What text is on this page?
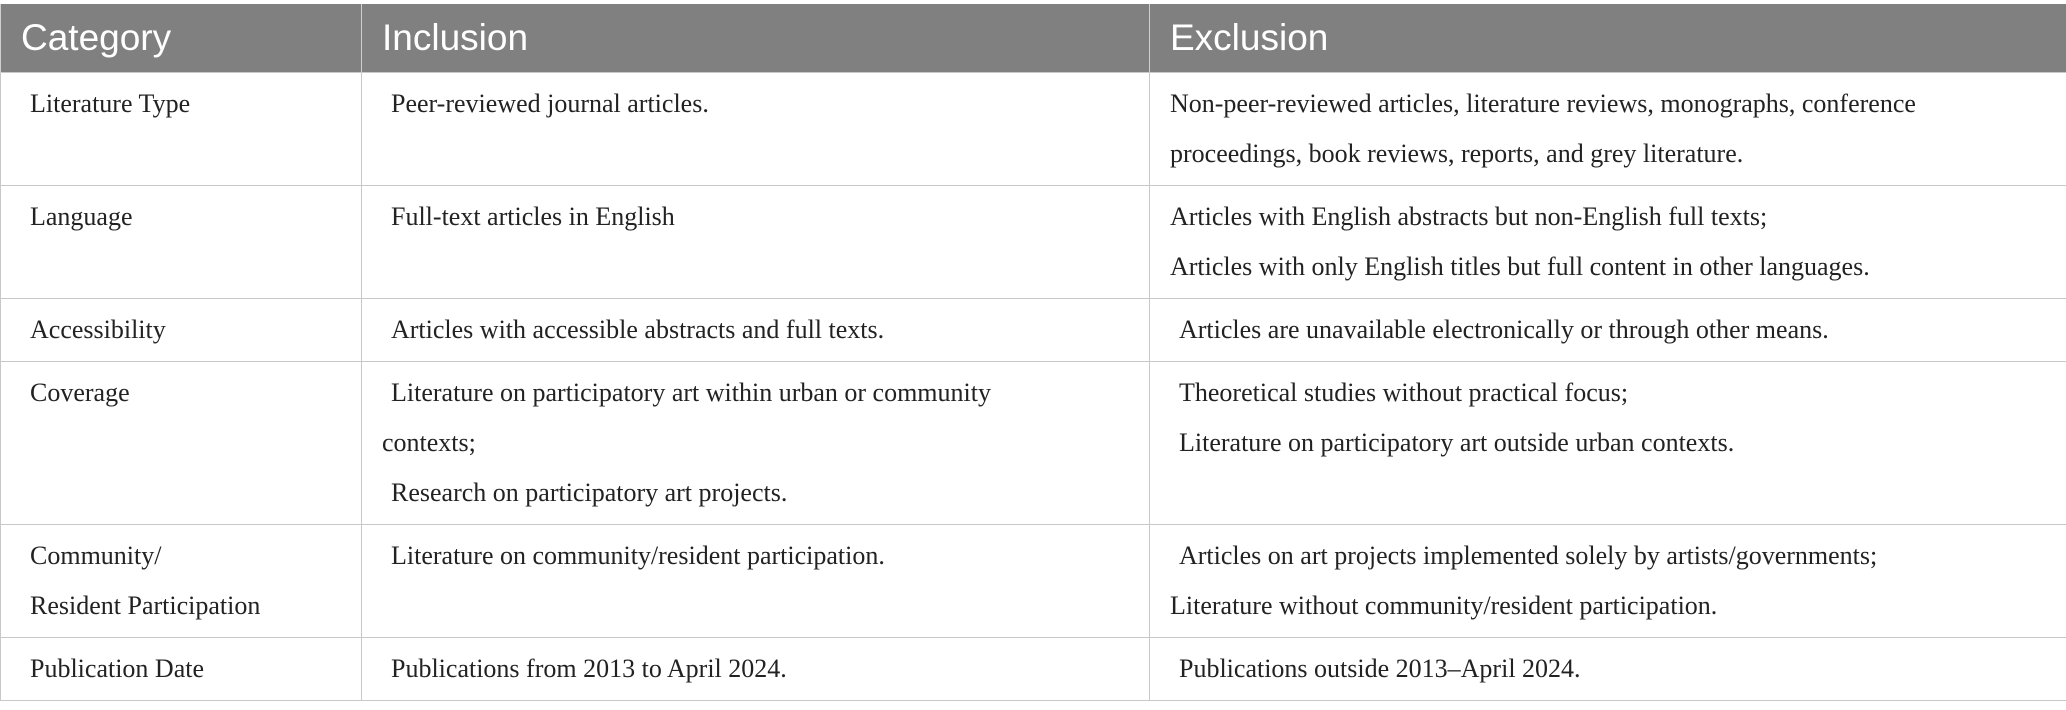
Category	Inclusion	Exclusion

Literature Type	Peer-reviewed journal articles.	Non-peer-reviewed articles, literature reviews, monographs, conference
proceedings, book reviews, reports, and grey literature.

Language	Full-text articles in English	Articles with English abstracts but non-English full texts;
Articles with only English titles but full content in other languages.

Accessibility	Articles with accessible abstracts and full texts.	Articles are unavailable electronically or through other means.

Coverage	Literature on participatory art within urban or community
contexts;
Research on participatory art projects.	Theoretical studies without practical focus;
Literature on participatory art outside urban contexts.

Community/
Resident Participation	Literature on community/resident participation.	Articles on art projects implemented solely by artists/governments;
Literature without community/resident participation.

Publication Date	Publications from 2013 to April 2024.	Publications outside 2013–April 2024.
